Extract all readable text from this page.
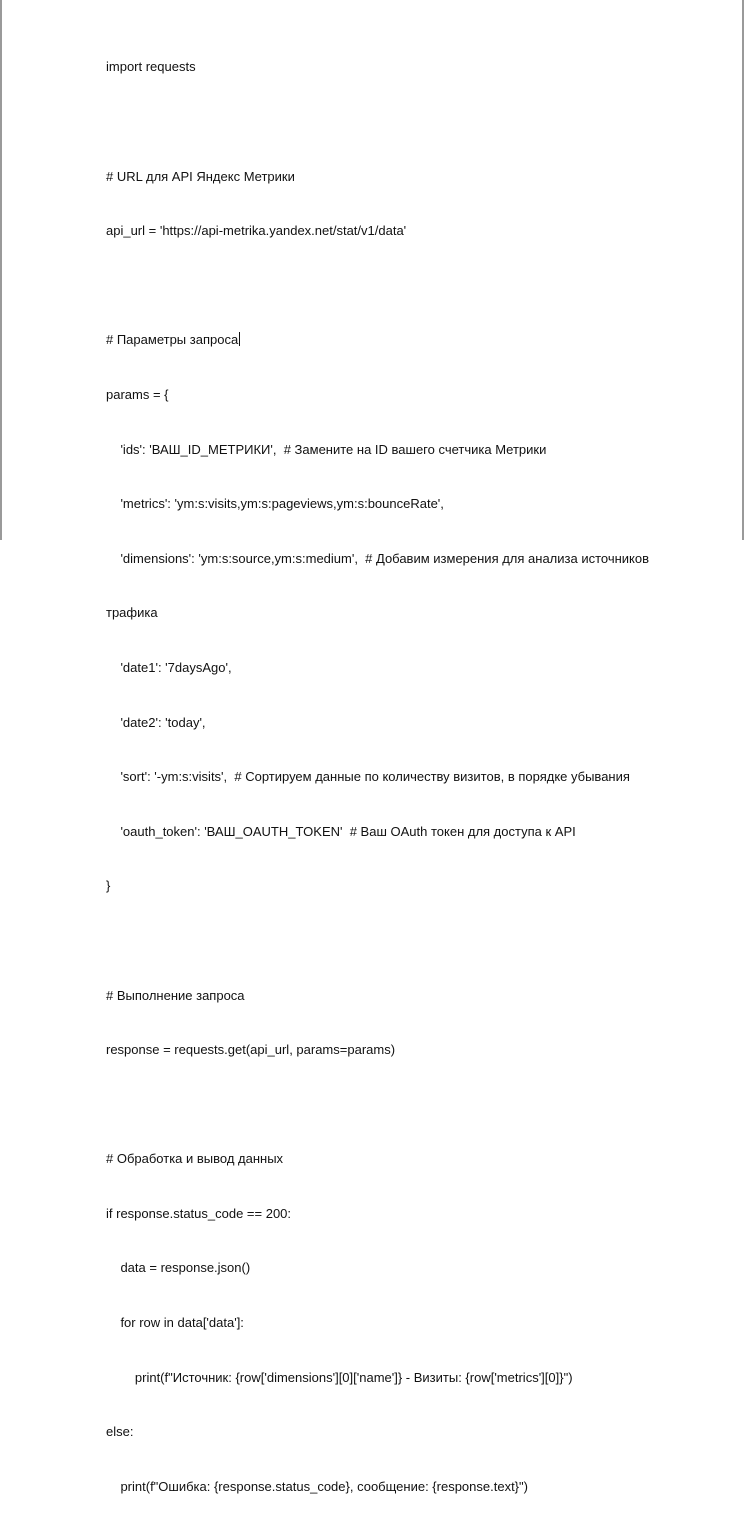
import requests

# URL для API Яндекс Метрики

api_url = 'https://api-metrika.yandex.net/stat/v1/data'

# Параметры запроса

params = {

'ids': 'ВАШ_ID_МЕТРИКИ',  # Замените на ID вашего счетчика Метрики

'metrics': 'ym:s:visits,ym:s:pageviews,ym:s:bounceRate',

'dimensions': 'ym:s:source,ym:s:medium',  # Добавим измерения для анализа источников

трафика

'date1': '7daysAgo',

'date2': 'today',

'sort': '-ym:s:visits',  # Сортируем данные по количеству визитов, в порядке убывания

'oauth_token': 'ВАШ_OAUTH_TOKEN'  # Ваш OAuth токен для доступа к API

}

# Выполнение запроса

response = requests.get(api_url, params=params)

# Обработка и вывод данных

if response.status_code == 200:

data = response.json()

for row in data['data']:

print(f"Источник: {row['dimensions'][0]['name']} - Визиты: {row['metrics'][0]}")

else:

print(f"Ошибка: {response.status_code}, сообщение: {response.text}")
